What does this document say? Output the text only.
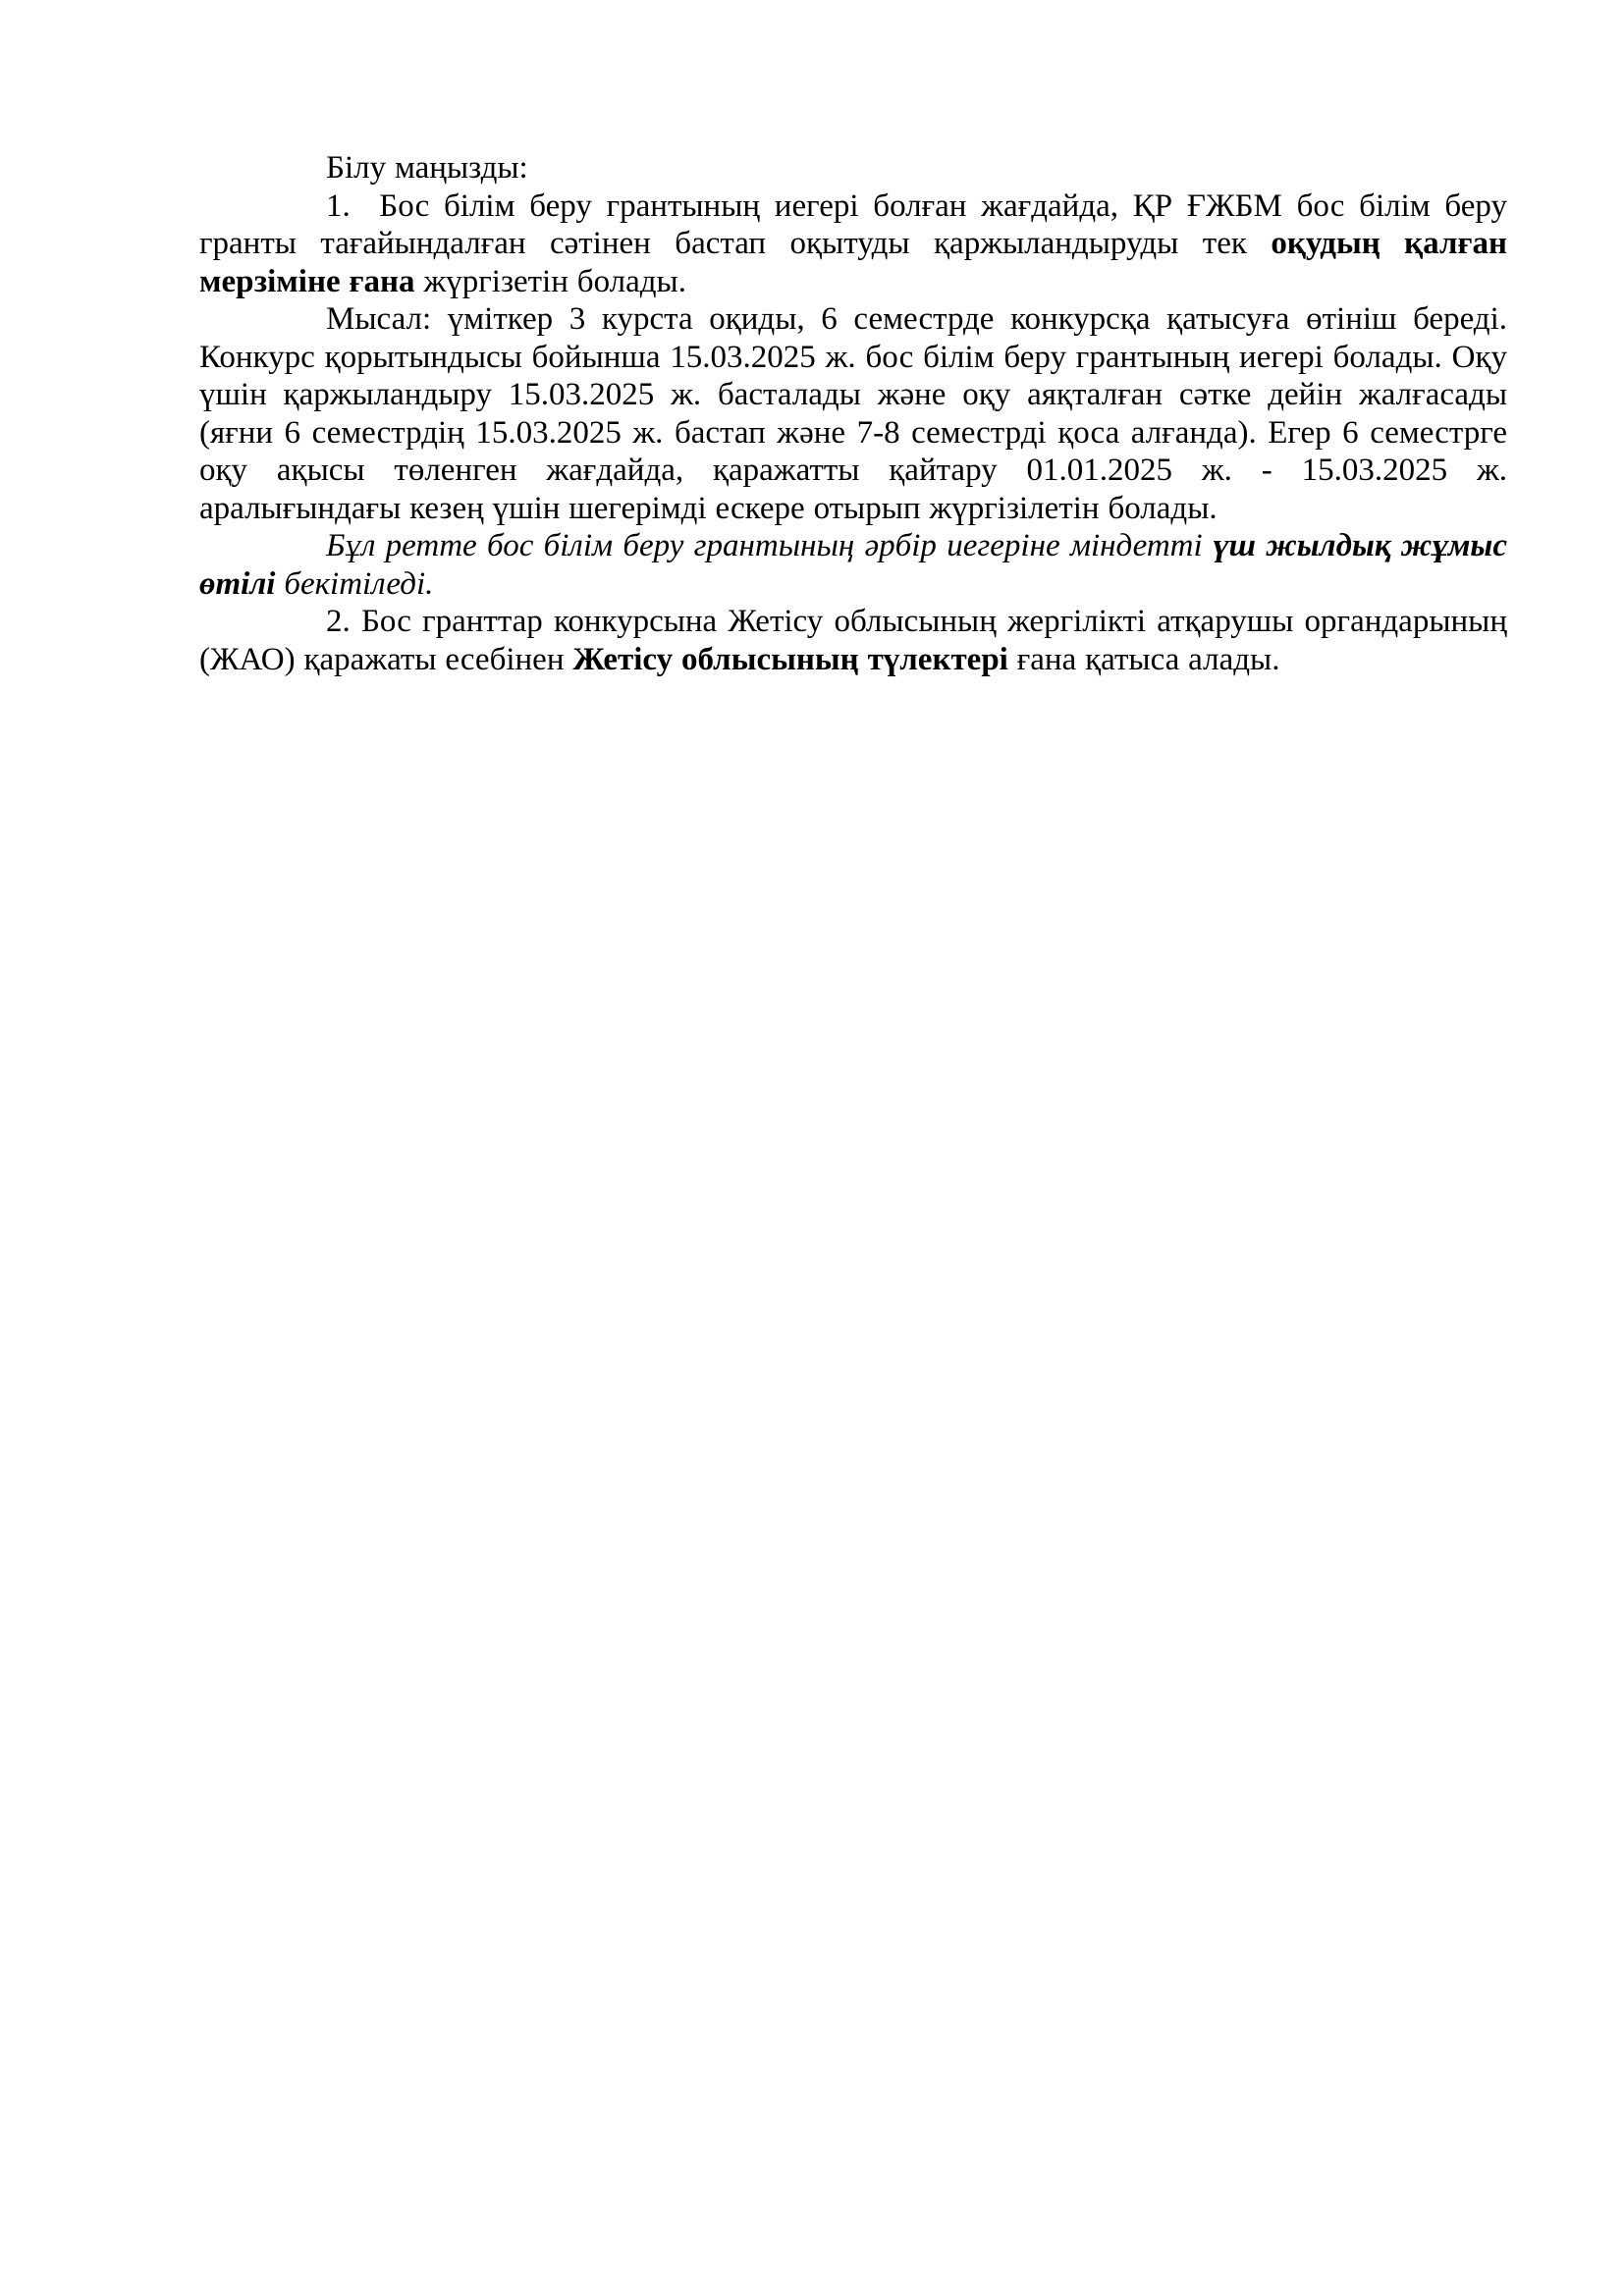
Білу маңызды:

1.  Бос білім беру грантының иегері болған жағдайда, ҚР ҒЖБМ бос білім беру гранты тағайындалған сәтінен бастап оқытуды қаржыландыруды тек оқудың қалған мерзіміне ғана жүргізетін болады.

Мысал: үміткер 3 курста оқиды, 6 семестрде конкурсқа қатысуға өтініш береді. Конкурс қорытындысы бойынша 15.03.2025 ж. бос білім беру грантының иегері болады. Оқу үшін қаржыландыру 15.03.2025 ж. басталады және оқу аяқталған сәтке дейін жалғасады (яғни 6 семестрдің 15.03.2025 ж. бастап және 7-8 семестрді қоса алғанда). Егер 6 семестрге оқу ақысы төленген жағдайда, қаражатты қайтару 01.01.2025 ж. - 15.03.2025 ж. аралығындағы кезең үшін шегерімді ескере отырып жүргізілетін болады.

Бұл ретте бос білім беру грантының әрбір иегеріне міндетті үш жылдық жұмыс өтілі бекітіледі.

2. Бос гранттар конкурсына Жетісу облысының жергілікті атқарушы органдарының (ЖАО) қаражаты есебінен Жетісу облысының түлектері ғана қатыса алады.
